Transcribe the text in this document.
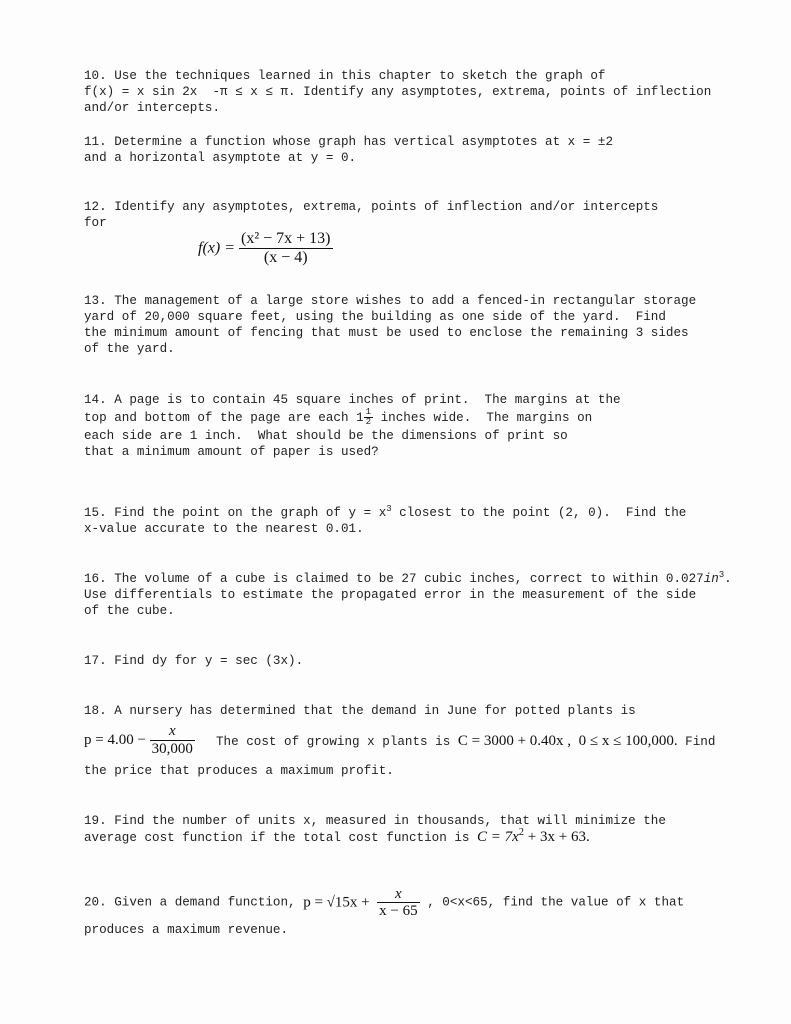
10. Use the techniques learned in this chapter to sketch the graph of
f(x) = x sin 2x  -π ≤ x ≤ π. Identify any asymptotes, extrema, points of inflection
and/or intercepts.
11. Determine a function whose graph has vertical asymptotes at x = ±2
and a horizontal asymptote at y = 0.
12. Identify any asymptotes, extrema, points of inflection and/or intercepts
for
$f(x) = \frac{\text{(x² − 7x + 13)}}{(x - 4)}$
13. The management of a large store wishes to add a fenced-in rectangular storage
yard of 20,000 square feet, using the building as one side of the yard.  Find
the minimum amount of fencing that must be used to enclose the remaining 3 sides
of the yard.
14. A page is to contain 45 square inches of print.  The margins at the
top and bottom of the page are each $1 \frac{1}{2}$ inches wide.  The margins on
each side are 1 inch.  What should be the dimensions of print so
that a minimum amount of paper is used?
15. Find the point on the graph of $y = x^3$ closest to the point (2, 0).  Find the
x-value accurate to the nearest 0.01.
16. The volume of a cube is claimed to be 27 cubic inches, correct to within $0.027in^3$.
Use differentials to estimate the propagated error in the measurement of the side
of the cube.
17. Find dy for y = sec (3x).
18. A nursery has determined that the demand in June for potted plants is
$p = 4.00 - \frac{x}{30,000}$ The cost of growing x plants is C = 3000 + 0.40x , 0 ≤ x ≤ 100,000. Find
the price that produces a maximum profit.
19. Find the number of units x, measured in thousands, that will minimize the
average cost function if the total cost function is $C = 7x^2 + 3x + 63$.
20. Given a demand function, $p = √15x + \frac{x}{x - 65}$ , 0<x<65, find the value of x that
produces a maximum revenue.
